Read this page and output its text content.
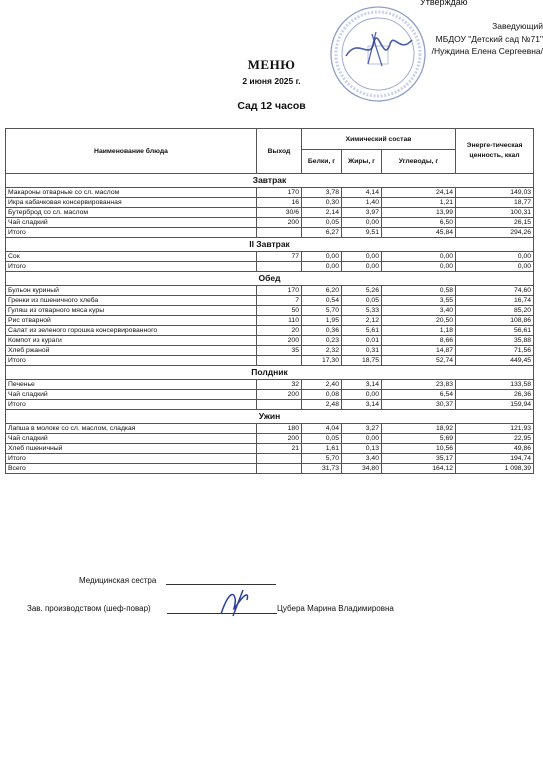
Утверждаю
Заведующий
МБДОУ "Детский сад №71"
/Нуждина Елена Сергеевна/
МЕНЮ
2 июня 2025 г.
Сад 12 часов
Наименование блюда	Выход	Химический состав			Энерге-тическая ценность, ккал
		Белки, г	Жиры, г	Углеводы, г	
Завтрак					
Макароны отварные со сл. маслом	170	3,78	4,14	24,14	149,03
Икра кабачковая консервированная	16	0,30	1,40	1,21	18,77
Бутерброд со сл. маслом	30/6	2,14	3,97	13,99	100,31
Чай сладкий	200	0,05	0,00	6,50	26,15
Итого		6,27	9,51	45,84	294,26
II Завтрак					
Сок	77	0,00	0,00	0,00	0,00
Итого		0,00	0,00	0,00	0,00
Обед					
Бульон куриный	170	6,20	5,26	0,58	74,60
Гренки из пшеничного хлеба	7	0,54	0,05	3,55	16,74
Гуляш из отварного мяса куры	50	5,70	5,33	3,40	85,20
Рис отварной	110	1,95	2,12	20,50	108,86
Салат из зеленого горошка консервированного	20	0,36	5,61	1,18	56,61
Компот из кураги	200	0,23	0,01	8,66	35,88
Хлеб ржаной	35	2,32	0,31	14,87	71,56
Итого		17,30	18,75	52,74	449,45
Полдник					
Печенье	32	2,40	3,14	23,83	133,58
Чай сладкий	200	0,08	0,00	6,54	26,36
Итого		2,48	3,14	30,37	159,94
Ужин					
Лапша в молоке со сл. маслом, сладкая	180	4,04	3,27	18,92	121,93
Чай сладкий	200	0,05	0,00	5,69	22,95
Хлеб пшеничный	21	1,61	0,13	10,56	49,86
Итого		5,70	3,40	35,17	194,74
Всего		31,73	34,80	164,12	1 098,39
Медицинская сестра
Зав. производством (шеф-повар)	Цубера Марина Владимировна
